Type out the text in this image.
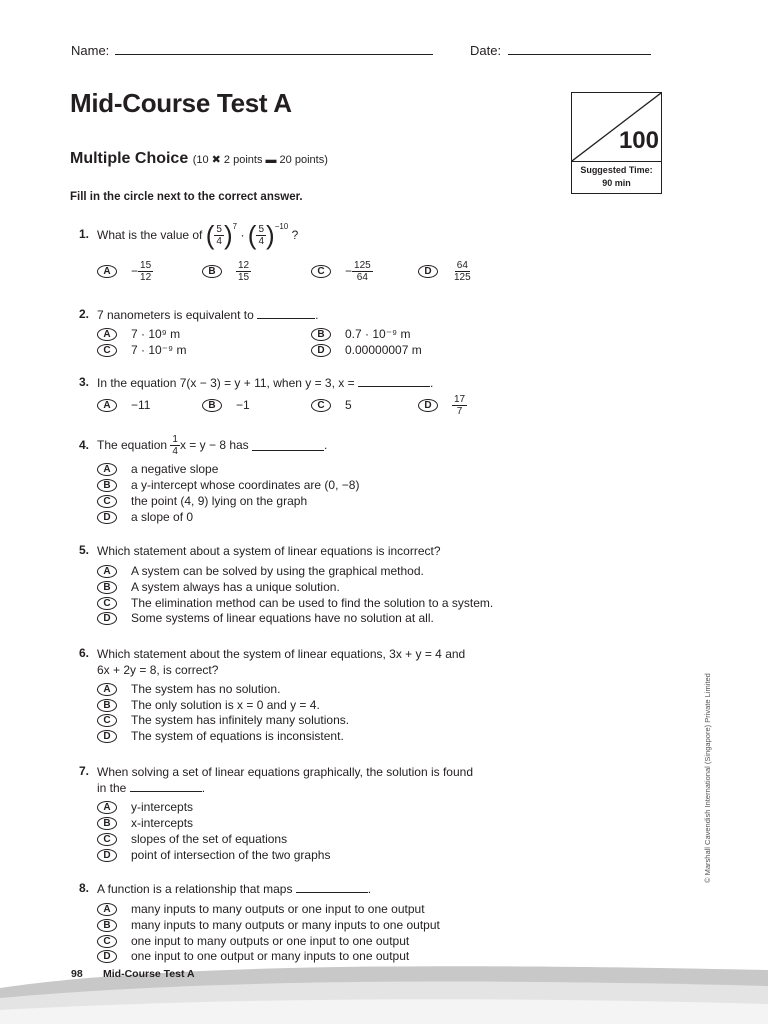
Name:	Date:
Mid-Course Test A
100
Suggested Time:
90 min
Multiple Choice (10 ✖ 2 points ▬ 20 points)
Fill in the circle next to the correct answer.
1. What is the value of
( $\frac{5}{4} )^7$

·
( $\frac{5}{4} )^{-10}$

?
A	− $\frac{15}{12}$	B	$\frac{12}{15}$	C	− $\frac{125}{64}$	D	$\frac{64}{125}$
2. 7 nanometers is equivalent to	.
A	7 · 10⁹ m	B	0.7 · 10⁻⁹ m
C	7 · 10⁻⁹ m	D	0.00000007 m
3. In the equation 7(x − 3) = y + 11, when y = 3, x =	.
A	−11	B	−1	C	5	D	$\frac{17}{7}$
4. The equation
$\frac{1}{4}$ x = y − 8 has
	.
A	a negative slope
B	a y-intercept whose coordinates are (0, −8)
C	the point (4, 9) lying on the graph
D	a slope of 0
5. Which statement about a system of linear equations is incorrect?
A	A system can be solved by using the graphical method.
B	A system always has a unique solution.
C	The elimination method can be used to find the solution to a system.
D	Some systems of linear equations have no solution at all.
6. Which statement about the system of linear equations, 3x + y = 4 and
6x + 2y = 8, is correct?
A	The system has no solution.
B	The only solution is x = 0 and y = 4.
C	The system has infinitely many solutions.
D	The system of equations is inconsistent.
7. When solving a set of linear equations graphically, the solution is found
in the	.
A	y-intercepts
B	x-intercepts
C	slopes of the set of equations
D	point of intersection of the two graphs
8. A function is a relationship that maps	.
A	many inputs to many outputs or one input to one output
B	many inputs to many outputs or many inputs to one output
C	one input to many outputs or one input to one output
D	one input to one output or many inputs to one output
© Marshall Cavendish International (Singapore) Private Limited
98 Mid-Course Test A
